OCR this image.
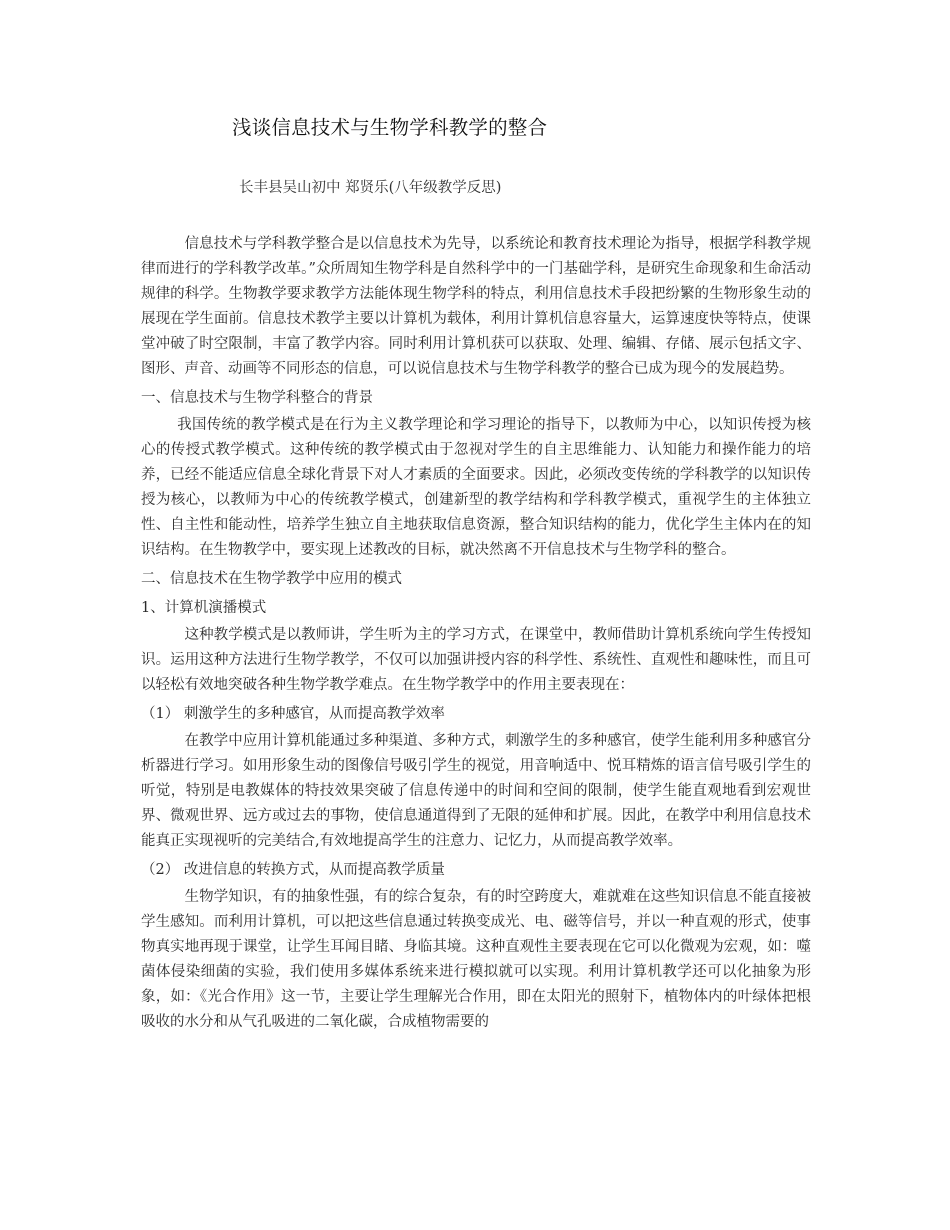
浅谈信息技术与生物学科教学的整合
长丰县吴山初中 郑贤乐(八年级教学反思)

信息技术与学科教学整合是以信息技术为先导，以系统论和教育技术理论为指导，根据学科教学规律而进行的学科教学改革。”众所周知生物学科是自然科学中的一门基础学科，是研究生命现象和生命活动规律的科学。生物教学要求教学方法能体现生物学科的特点，利用信息技术手段把纷繁的生物形象生动的展现在学生面前。信息技术教学主要以计算机为载体，利用计算机信息容量大，运算速度快等特点，使课堂冲破了时空限制，丰富了教学内容。同时利用计算机获可以获取、处理、编辑、存储、展示包括文字、图形、声音、动画等不同形态的信息，可以说信息技术与生物学科教学的整合已成为现今的发展趋势。

一、信息技术与生物学科整合的背景

我国传统的教学模式是在行为主义教学理论和学习理论的指导下，以教师为中心，以知识传授为核心的传授式教学模式。这种传统的教学模式由于忽视对学生的自主思维能力、认知能力和操作能力的培养，已经不能适应信息全球化背景下对人才素质的全面要求。因此，必须改变传统的学科教学的以知识传授为核心，以教师为中心的传统教学模式，创建新型的教学结构和学科教学模式，重视学生的主体独立性、自主性和能动性，培养学生独立自主地获取信息资源，整合知识结构的能力，优化学生主体内在的知识结构。在生物教学中，要实现上述教改的目标，就决然离不开信息技术与生物学科的整合。

二、信息技术在生物学教学中应用的模式

1、计算机演播模式

这种教学模式是以教师讲，学生听为主的学习方式，在课堂中，教师借助计算机系统向学生传授知识。运用这种方法进行生物学教学，不仅可以加强讲授内容的科学性、系统性、直观性和趣味性，而且可以轻松有效地突破各种生物学教学难点。在生物学教学中的作用主要表现在：

（1） 刺激学生的多种感官，从而提高教学效率

在教学中应用计算机能通过多种渠道、多种方式，刺激学生的多种感官，使学生能利用多种感官分析器进行学习。如用形象生动的图像信号吸引学生的视觉，用音响适中、悦耳精炼的语言信号吸引学生的听觉，特别是电教媒体的特技效果突破了信息传递中的时间和空间的限制，使学生能直观地看到宏观世界、微观世界、远方或过去的事物，使信息通道得到了无限的延伸和扩展。因此，在教学中利用信息技术能真正实现视听的完美结合,有效地提高学生的注意力、记忆力，从而提高教学效率。

（2） 改进信息的转换方式，从而提高教学质量

生物学知识，有的抽象性强，有的综合复杂，有的时空跨度大，难就难在这些知识信息不能直接被学生感知。而利用计算机，可以把这些信息通过转换变成光、电、磁等信号，并以一种直观的形式，使事物真实地再现于课堂，让学生耳闻目睹、身临其境。这种直观性主要表现在它可以化微观为宏观，如：噬菌体侵染细菌的实验，我们使用多媒体系统来进行模拟就可以实现。利用计算机教学还可以化抽象为形象，如：《光合作用》这一节，主要让学生理解光合作用，即在太阳光的照射下，植物体内的叶绿体把根吸收的水分和从气孔吸进的二氧化碳，合成植物需要的
